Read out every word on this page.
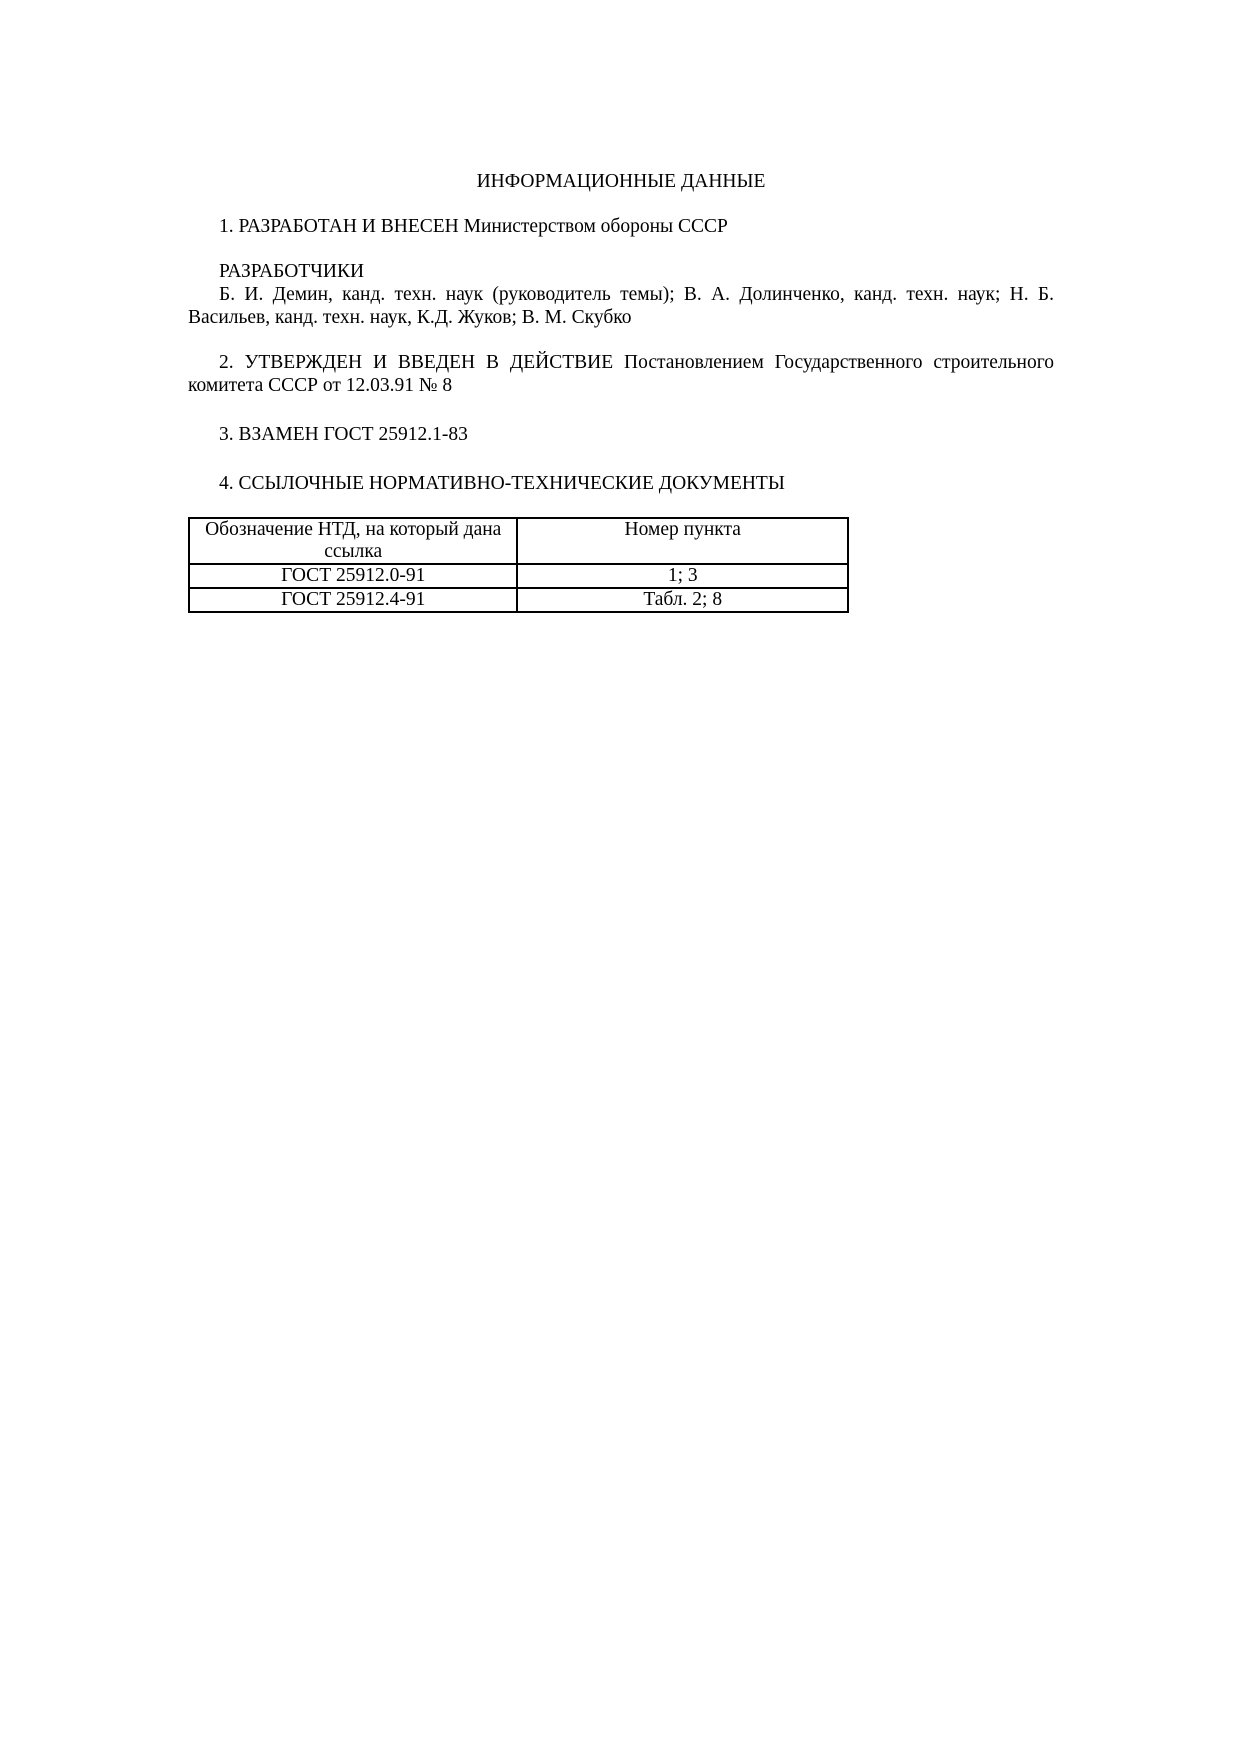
ИНФОРМАЦИОННЫЕ ДАННЫЕ

1. РАЗРАБОТАН И ВНЕСЕН Министерством обороны СССР

РАЗРАБОТЧИКИ

Б. И. Демин, канд. техн. наук (руководитель темы); В. А. Долинченко, канд. техн. наук; Н. Б. Васильев, канд. техн. наук, К.Д. Жуков; В. М. Скубко

2. УТВЕРЖДЕН И ВВЕДЕН В ДЕЙСТВИЕ Постановлением Государственного строительного комитета СССР от 12.03.91 № 8

3. ВЗАМЕН ГОСТ 25912.1-83

4. ССЫЛОЧНЫЕ НОРМАТИВНО-ТЕХНИЧЕСКИЕ ДОКУМЕНТЫ

Обозначение НТД, на который дана ссылка	Номер пункта
ГОСТ 25912.0-91	1; 3
ГОСТ 25912.4-91	Табл. 2; 8
